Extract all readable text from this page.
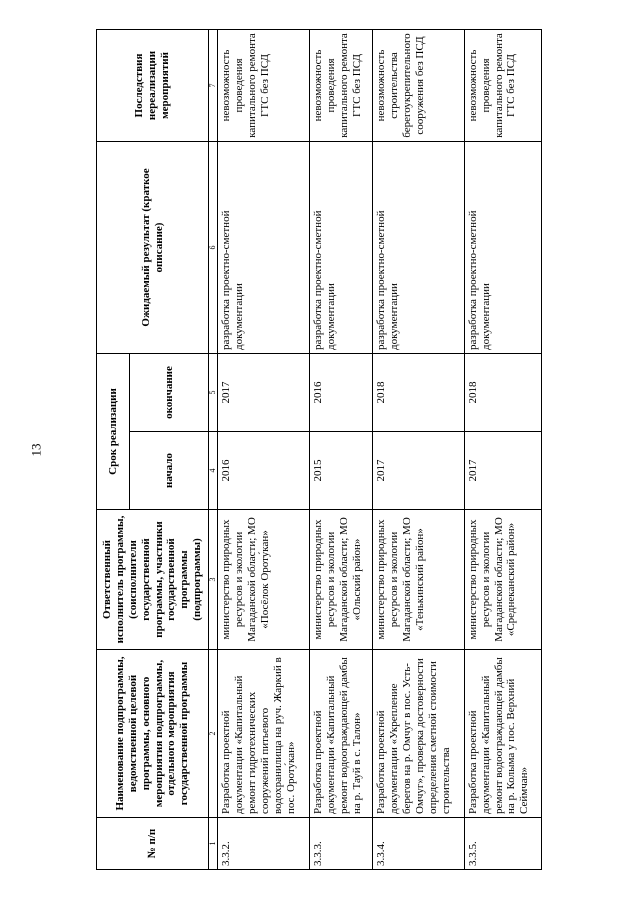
13
№ п/п	Наименование подпрограммы, ведомственной целевой программы, основного мероприятия подпрограммы, отдельного мероприятия государственной программы	Ответственный исполнитель программы, (соисполнители государственной программы, участники государственной программы (подпрограммы)	Срок реализации		Ожидаемый результат (краткое описание)	Последствия нереализации мероприятий
			начало	окончание		
1	2	3	4	5	6	7
3.3.2.	Разработка проектной документации «Капитальный ремонт гидротехнических сооружений питьевого водохранилища на руч. Жаркий в пос. Ороту́кан»	министерство природных ресурсов и экологии Магаданской области; МО «Посёлок Ороту́кан»	2016	2017	разработка проектно-сметной документации	невозможность проведения капитального ремонта ГТС без ПСД
3.3.3.	Разработка проектной документации «Капитальный ремонт водоограждающей дамбы на р. Тауй в с. Талон»	министерство природных ресурсов и экологии Магаданской области; МО «Ольский район»	2015	2016	разработка проектно-сметной документации	невозможность проведения капитального ремонта ГТС без ПСД
3.3.4.	Разработка проектной документации «Укрепление берегов на р. Омчуг в пос. Усть-Омчуг», проверка достоверности определения сметной стоимости строительства	министерство природных ресурсов и экологии Магаданской области; МО «Тенькинский район»	2017	2018	разработка проектно-сметной документации	невозможность строительства берегоукрепительного сооружения без ПСД
3.3.5.	Разработка проектной документации «Капитальный ремонт водоограждающей дамбы на р. Колыма у пос. Верхний Сеймчан»	министерство природных ресурсов и экологии Магаданской области; МО «Среднеканский район»	2017	2018	разработка проектно-сметной документации	невозможность проведения капитального ремонта ГТС без ПСД
